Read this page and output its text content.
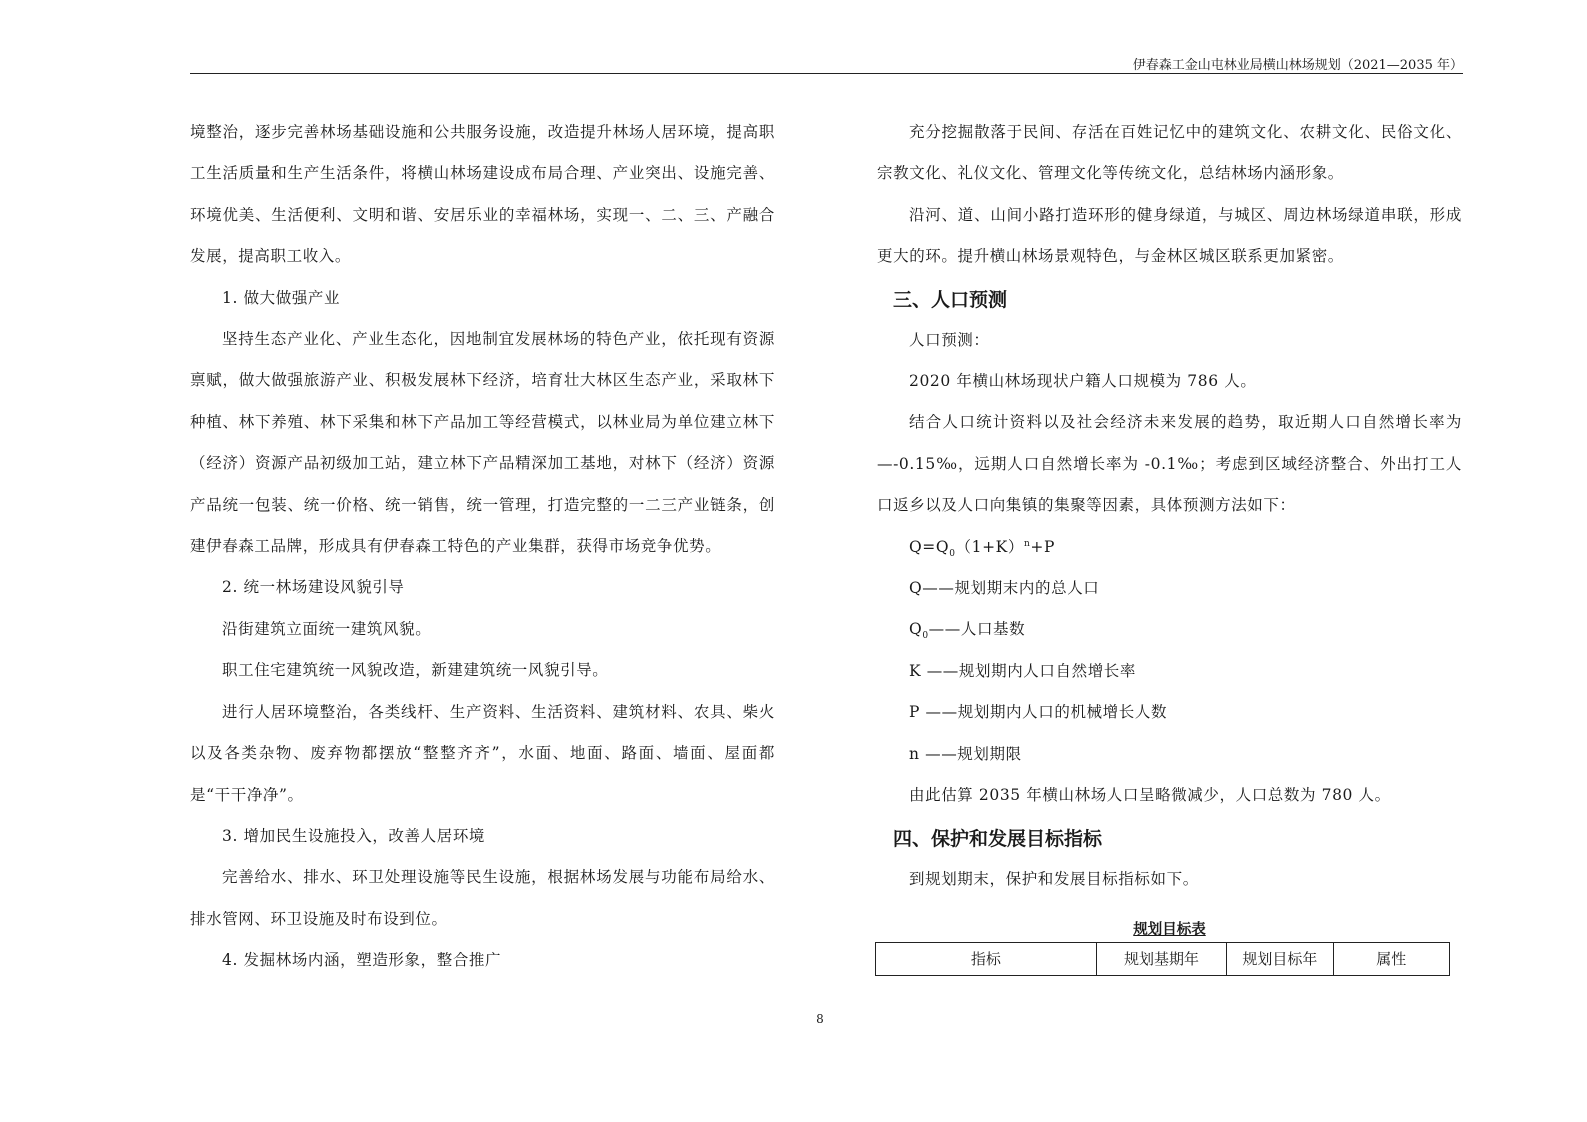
伊春森工金山屯林业局横山林场规划（2021—2035 年）

境整治，逐步完善林场基础设施和公共服务设施，改造提升林场人居环境，提高职工生活质量和生产生活条件，将横山林场建设成布局合理、产业突出、设施完善、环境优美、生活便利、文明和谐、安居乐业的幸福林场，实现一、二、三、产融合发展，提高职工收入。

1. 做大做强产业

坚持生态产业化、产业生态化，因地制宜发展林场的特色产业，依托现有资源禀赋，做大做强旅游产业、积极发展林下经济，培育壮大林区生态产业，采取林下种植、林下养殖、林下采集和林下产品加工等经营模式，以林业局为单位建立林下（经济）资源产品初级加工站，建立林下产品精深加工基地，对林下（经济）资源产品统一包装、统一价格、统一销售，统一管理，打造完整的一二三产业链条，创建伊春森工品牌，形成具有伊春森工特色的产业集群，获得市场竞争优势。

2. 统一林场建设风貌引导

沿街建筑立面统一建筑风貌。

职工住宅建筑统一风貌改造，新建建筑统一风貌引导。

进行人居环境整治，各类线杆、生产资料、生活资料、建筑材料、农具、柴火以及各类杂物、废弃物都摆放“整整齐齐”，水面、地面、路面、墙面、屋面都是“干干净净”。

3. 增加民生设施投入，改善人居环境

完善给水、排水、环卫处理设施等民生设施，根据林场发展与功能布局给水、排水管网、环卫设施及时布设到位。

4. 发掘林场内涵，塑造形象，整合推广

充分挖掘散落于民间、存活在百姓记忆中的建筑文化、农耕文化、民俗文化、宗教文化、礼仪文化、管理文化等传统文化，总结林场内涵形象。

沿河、道、山间小路打造环形的健身绿道，与城区、周边林场绿道串联，形成更大的环。提升横山林场景观特色，与金林区城区联系更加紧密。

三、人口预测

人口预测：

2020 年横山林场现状户籍人口规模为 786 人。

结合人口统计资料以及社会经济未来发展的趋势，取近期人口自然增长率为 —-0.15‰，远期人口自然增长率为 -0.1‰；考虑到区域经济整合、外出打工人口返乡以及人口向集镇的集聚等因素，具体预测方法如下：

$Q=Q_0(1+K)^n+P$

Q——规划期末内的总人口

$Q_0——$人口基数

K ——规划期内人口自然增长率

P ——规划期内人口的机械增长人数

n ——规划期限

由此估算 2035 年横山林场人口呈略微减少，人口总数为 780 人。

四、保护和发展目标指标

到规划期末，保护和发展目标指标如下。

规划目标表
指标	规划基期年	规划目标年	属性
8
